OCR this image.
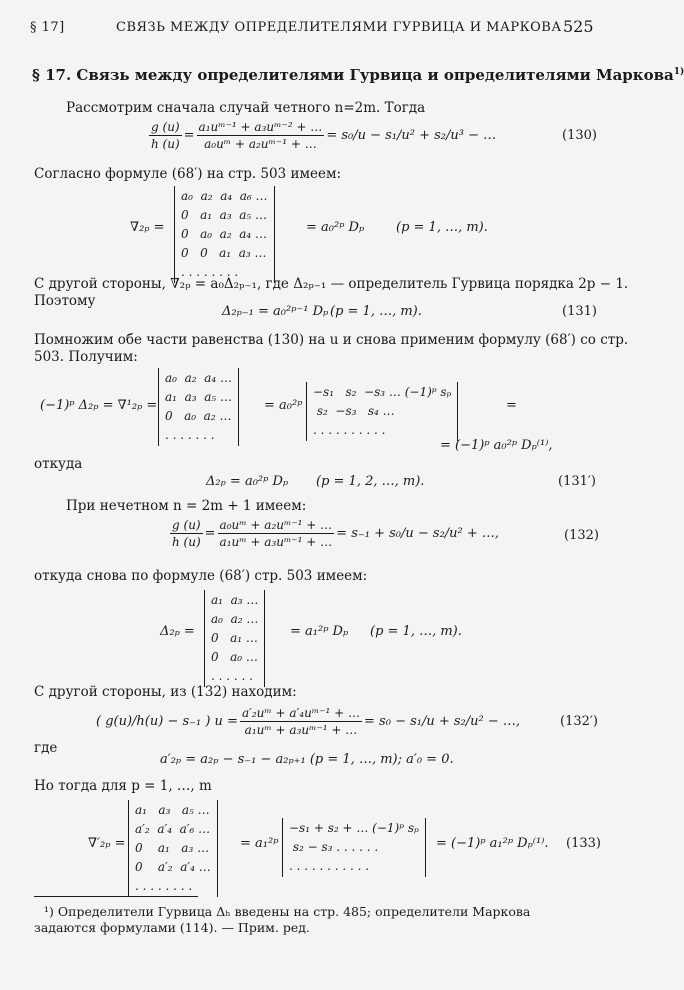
§ 17]	СВЯЗЬ МЕЖДУ ОПРЕДЕЛИТЕЛЯМИ ГУРВИЦА И МАРКОВА 525
§ 17. Связь между определителями Гурвица и определителями Маркова$^{1)}$
Рассмотрим сначала случай четного n=2m. Тогда
$\frac{g (u)}{h (u)} = \frac{\text{a₁uᵐ⁻¹ + a₃uᵐ⁻² + …}}{\text{a₀uᵐ + a₂uᵐ⁻¹ + …}} = s_0/u - s_1/u^2 + s_2/u^3$ − …	(130)
Согласно формуле (68′) на стр. 503 имеем:
∇₂ₚ =
a₀  a₂  a₄  a₆ …
0   a₁  a₃  a₅ …
0   a₀  a₂  a₄ …
0   0   a₁  a₃ …
. . . . . . . .
= a₀²ᵖ Dₚ (p = 1, …, m).
С другой стороны, ∇₂ₚ = a₀Δ₂ₚ₋₁, где Δ₂ₚ₋₁ — определитель Гурвица порядка 2p − 1. Поэтому
Δ₂ₚ₋₁ = a₀²ᵖ⁻¹ Dₚ (p = 1, …, m).	(131)
Помножим обе части равенства (130) на u и снова применим формулу (68′) со стр. 503. Получим:
(−1)ᵖ Δ₂ₚ = ∇¹₂ₚ =
a₀  a₂  a₄ …
a₁  a₃  a₅ …
0   a₀  a₂ …
. . . . . . .
= a₀²ᵖ
−s₁   s₂  −s₃ … (−1)ᵖ sₚ
s₂  −s₃   s₄ …
. . . . . . . . . .
=
= (−1)ᵖ a₀²ᵖ Dₚ⁽¹⁾,
откуда
Δ₂ₚ = a₀²ᵖ Dₚ (p = 1, 2, …, m).	(131′)
При нечетном n = 2m + 1 имеем:
$\frac{g (u)}{h (u)} = \frac{\text{a₀uᵐ + a₂uᵐ⁻¹ + …}}{\text{a₁uᵐ + a₃uᵐ⁻¹ + …}} = s_{-1} + s_0/u - s_2/u^2$ + …,	(132)
откуда снова по формуле (68′) стр. 503 имеем:
Δ₂ₚ =
a₁  a₃ …
a₀  a₂ …
0   a₁ …
0   a₀ …
. . . . . .
= a₁²ᵖ Dₚ (p = 1, …, m).
С другой стороны, из (132) находим:
( g(u)/h(u) − s₋₁ ) $u = \frac{\text{a′₂uᵐ + a′₄uᵐ⁻¹ + …}}{\text{a₁uᵐ + a₃uᵐ⁻¹ + …}} = s_0 - s_1/u + s_2/u^2$ − …,	(132′)
где
a′₂ₚ = a₂ₚ − s₋₁ − a₂ₚ₊₁ (p = 1, …, m); a′₀ = 0.
Но тогда для p = 1, …, m
∇′₂ₚ =
a₁   a₃   a₅ …
a′₂  a′₄  a′₆ …
0    a₁   a₃ …
0    a′₂  a′₄ …
. . . . . . . .
= a₁²ᵖ
−s₁ + s₂ + … (−1)ᵖ sₚ
s₂ − s₃ . . . . . .
. . . . . . . . . . .
= (−1)ᵖ a₁²ᵖ Dₚ⁽¹⁾. (133)
¹) Определители Гурвица Δₕ введены на стр. 485; определители Маркова
задаются формулами (114). — Прим. ред.
